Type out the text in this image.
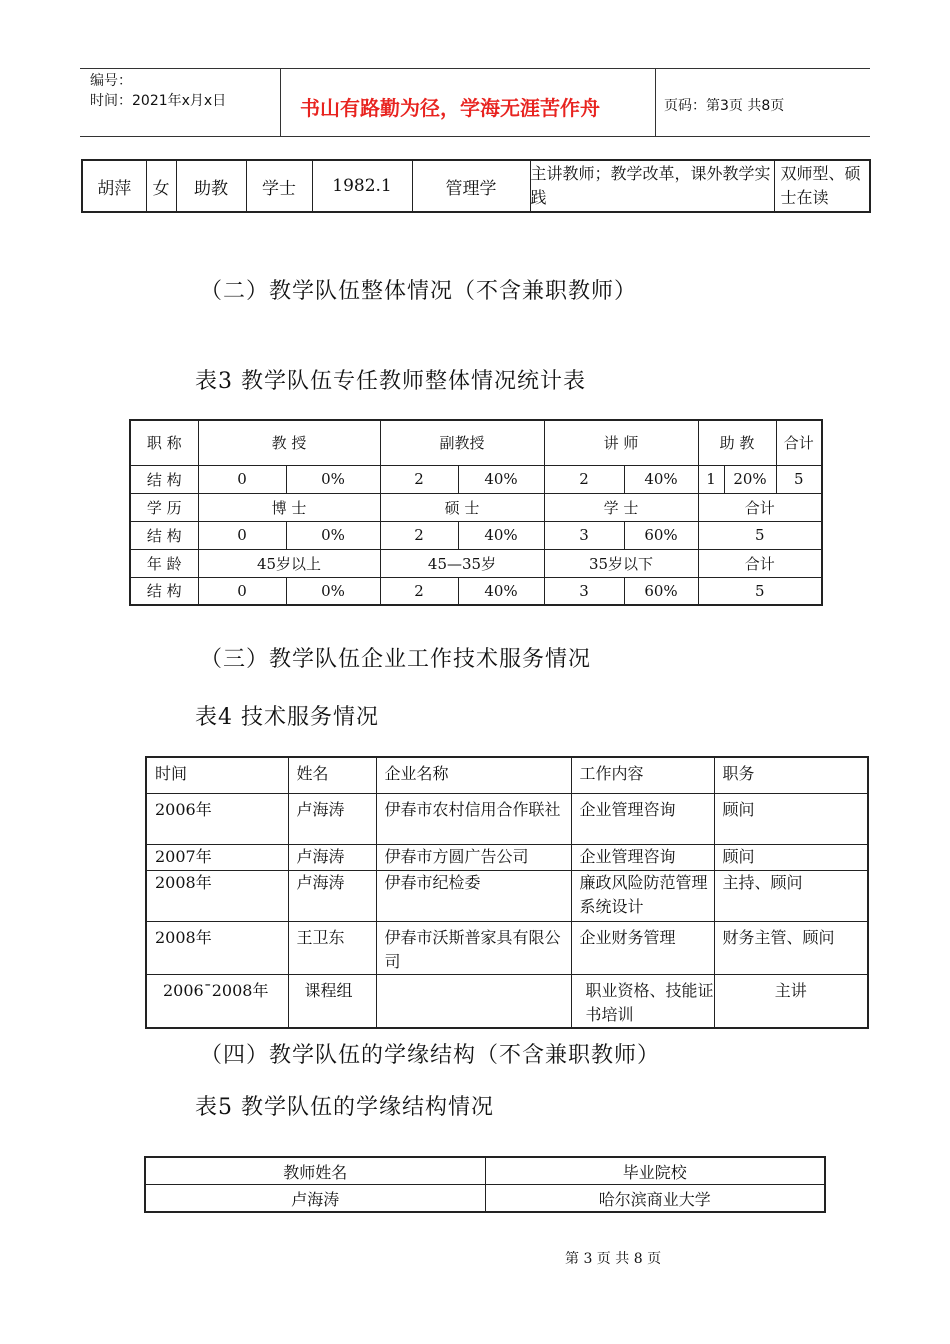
编号：
时间：2021年x月x日	书山有路勤为径，学海无涯苦作舟	页码：第3页 共8页
胡萍	女	助教	学士	1982.1	管理学	主讲教师；教学改革，课外教学实践	双师型、硕士在读
（二）教学队伍整体情况（不含兼职教师）
表3 教学队伍专任教师整体情况统计表
职 称	教 授		副教授		讲 师		助 教		合计
结 构	0	0%	2	40%	2	40%	1	20%	5
学 历	博 士		硕 士		学 士		合计		
结 构	0	0%	2	40%	3	60%	5		
年 龄	45岁以上		45—35岁		35岁以下		合计		
结 构	0	0%	2	40%	3	60%	5		
（三）教学队伍企业工作技术服务情况
表4 技术服务情况
时间	姓名	企业名称	工作内容	职务
2006年	卢海涛	伊春市农村信用合作联社	企业管理咨询	顾问
2007年	卢海涛	伊春市方圆广告公司	企业管理咨询	顾问
2008年	卢海涛	伊春市纪检委	廉政风险防范管理系统设计	主持、顾问
2008年	王卫东	伊春市沃斯普家具有限公司	企业财务管理	财务主管、顾问
2006¯2008年	课程组		职业资格、技能证书培训	主讲
（四）教学队伍的学缘结构（不含兼职教师）
表5 教学队伍的学缘结构情况
教师姓名	毕业院校
卢海涛	哈尔滨商业大学
第 3 页 共 8 页
